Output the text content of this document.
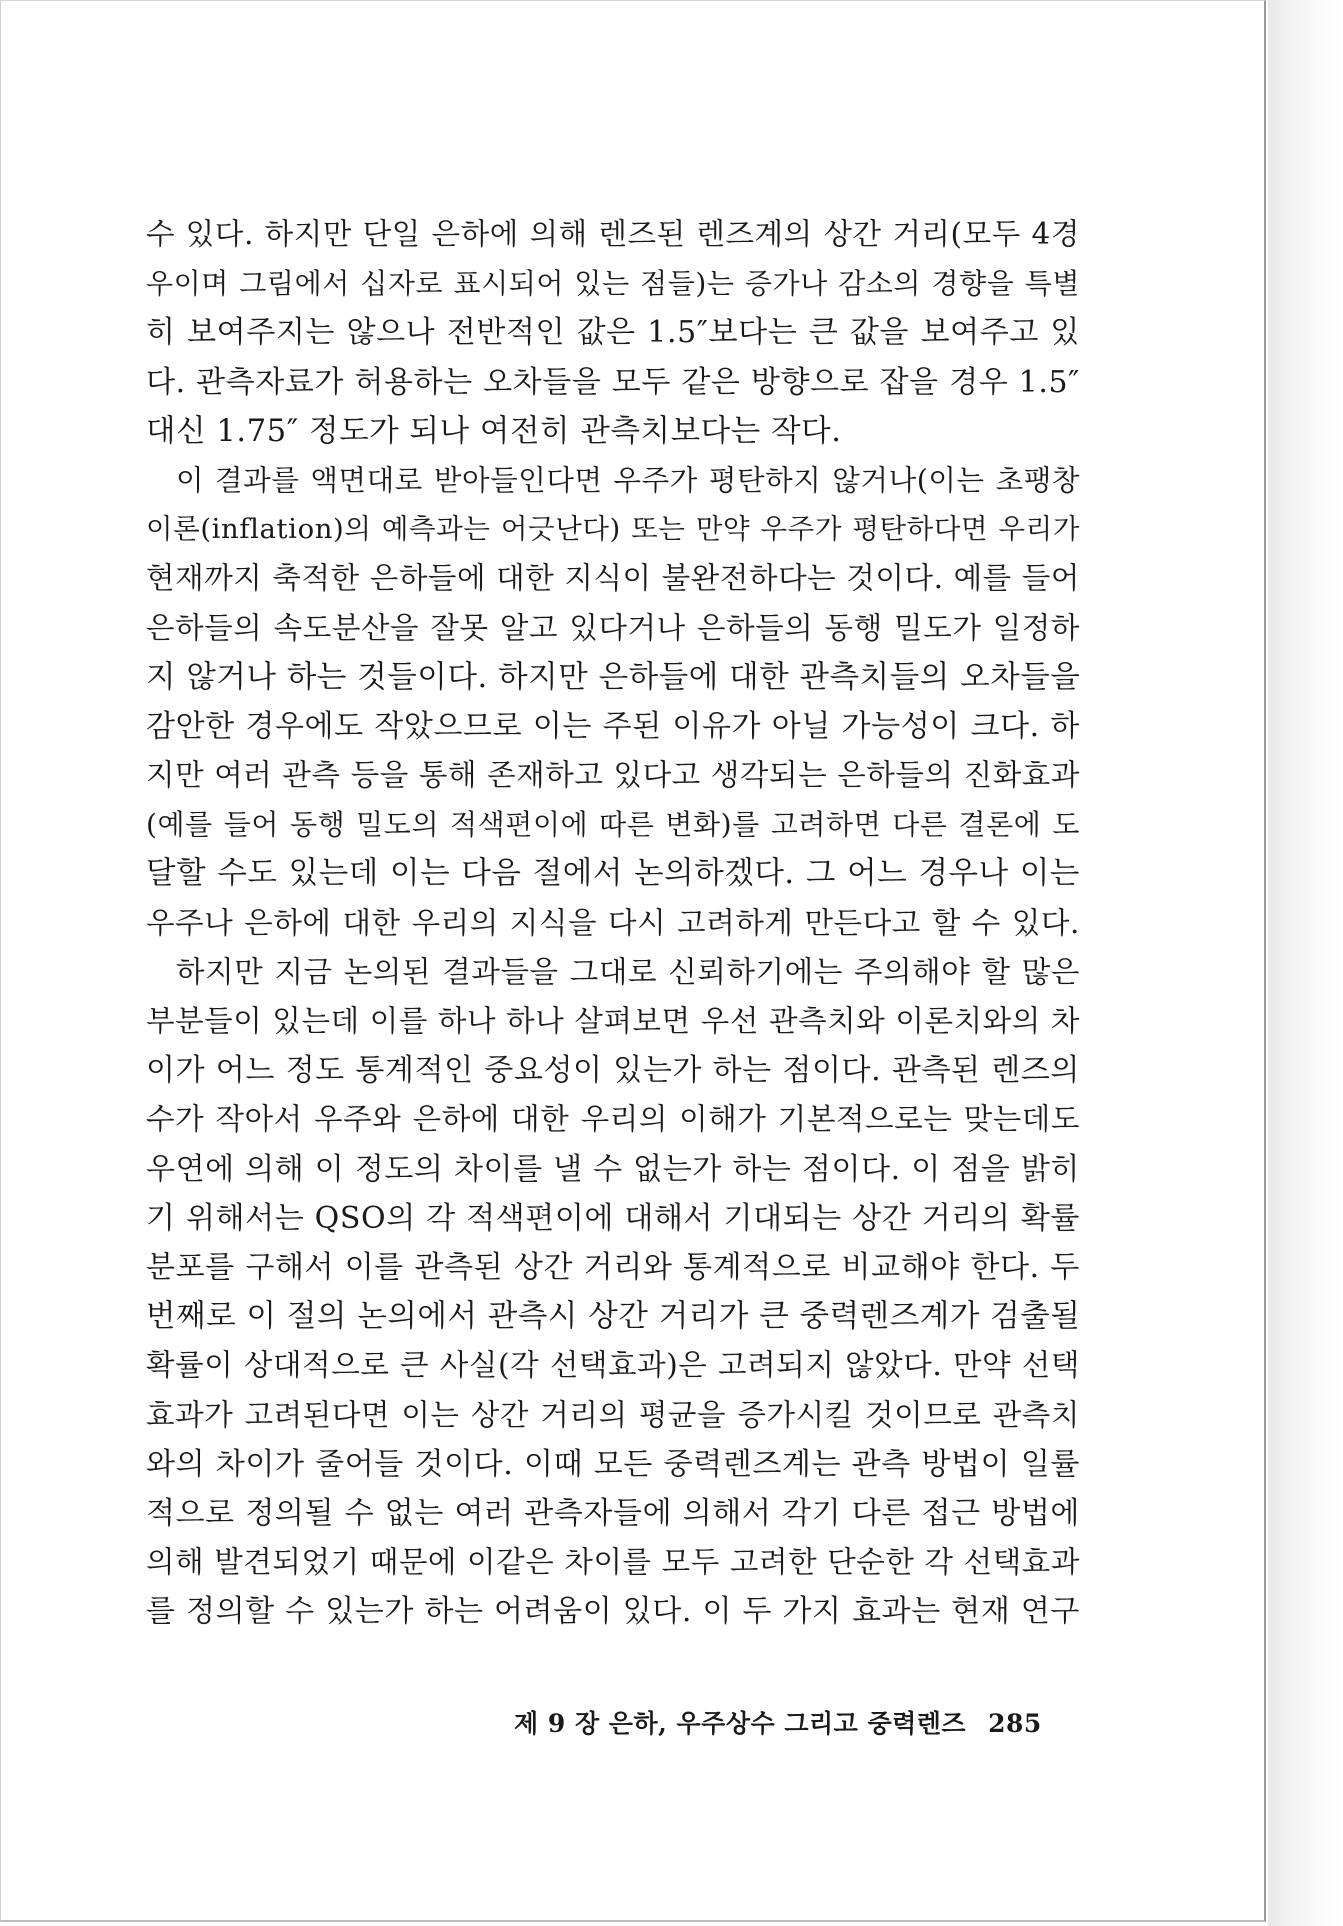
수 있다. 하지만 단일 은하에 의해 렌즈된 렌즈계의 상간 거리(모두 4경
우이며 그림에서 십자로 표시되어 있는 점들)는 증가나 감소의 경향을 특별
히 보여주지는 않으나 전반적인 값은 1.5″보다는 큰 값을 보여주고 있
다. 관측자료가 허용하는 오차들을 모두 같은 방향으로 잡을 경우 1.5″
대신 1.75″ 정도가 되나 여전히 관측치보다는 작다.
이 결과를 액면대로 받아들인다면 우주가 평탄하지 않거나(이는 초팽창
이론(inflation)의 예측과는 어긋난다) 또는 만약 우주가 평탄하다면 우리가
현재까지 축적한 은하들에 대한 지식이 불완전하다는 것이다. 예를 들어
은하들의 속도분산을 잘못 알고 있다거나 은하들의 동행 밀도가 일정하
지 않거나 하는 것들이다. 하지만 은하들에 대한 관측치들의 오차들을
감안한 경우에도 작았으므로 이는 주된 이유가 아닐 가능성이 크다. 하
지만 여러 관측 등을 통해 존재하고 있다고 생각되는 은하들의 진화효과
(예를 들어 동행 밀도의 적색편이에 따른 변화)를 고려하면 다른 결론에 도
달할 수도 있는데 이는 다음 절에서 논의하겠다. 그 어느 경우나 이는
우주나 은하에 대한 우리의 지식을 다시 고려하게 만든다고 할 수 있다.
하지만 지금 논의된 결과들을 그대로 신뢰하기에는 주의해야 할 많은
부분들이 있는데 이를 하나 하나 살펴보면 우선 관측치와 이론치와의 차
이가 어느 정도 통계적인 중요성이 있는가 하는 점이다. 관측된 렌즈의
수가 작아서 우주와 은하에 대한 우리의 이해가 기본적으로는 맞는데도
우연에 의해 이 정도의 차이를 낼 수 없는가 하는 점이다. 이 점을 밝히
기 위해서는 QSO의 각 적색편이에 대해서 기대되는 상간 거리의 확률
분포를 구해서 이를 관측된 상간 거리와 통계적으로 비교해야 한다. 두
번째로 이 절의 논의에서 관측시 상간 거리가 큰 중력렌즈계가 검출될
확률이 상대적으로 큰 사실(각 선택효과)은 고려되지 않았다. 만약 선택
효과가 고려된다면 이는 상간 거리의 평균을 증가시킬 것이므로 관측치
와의 차이가 줄어들 것이다. 이때 모든 중력렌즈계는 관측 방법이 일률
적으로 정의될 수 없는 여러 관측자들에 의해서 각기 다른 접근 방법에
의해 발견되었기 때문에 이같은 차이를 모두 고려한 단순한 각 선택효과
를 정의할 수 있는가 하는 어려움이 있다. 이 두 가지 효과는 현재 연구
제 9 장 은하, 우주상수 그리고 중력렌즈 285
